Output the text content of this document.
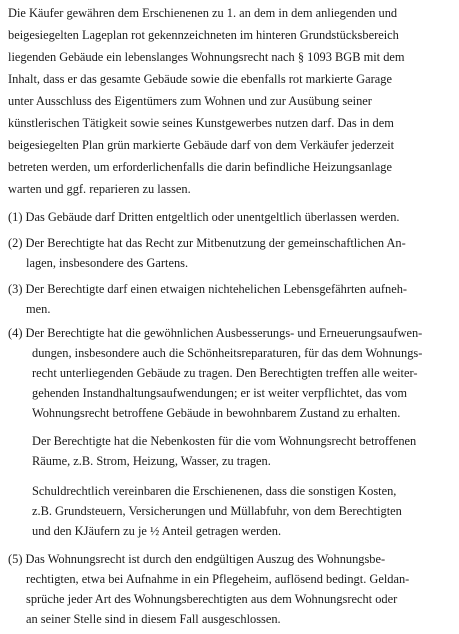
Die Käufer gewähren dem Erschienenen zu 1. an dem in dem anliegenden und
beigesiegelten Lageplan rot gekennzeichneten im hinteren Grundstücksbereich
liegenden Gebäude ein lebenslanges Wohnungsrecht nach § 1093 BGB mit dem
Inhalt, dass er das gesamte Gebäude sowie die ebenfalls rot markierte Garage
unter Ausschluss des Eigentümers zum Wohnen und zur Ausübung seiner
künstlerischen Tätigkeit sowie seines Kunstgewerbes nutzen darf. Das in dem
beigesiegelten Plan grün markierte Gebäude darf von dem Verkäufer jederzeit
betreten werden, um erforderlichenfalls die darin befindliche Heizungsanlage
warten und ggf. reparieren zu lassen.
(1) Das Gebäude darf Dritten entgeltlich oder unentgeltlich überlassen werden.
(2) Der Berechtigte hat das Recht zur Mitbenutzung der gemeinschaftlichen An-
lagen, insbesondere des Gartens.
(3) Der Berechtigte darf einen etwaigen nichtehelichen Lebensgefährten aufneh-
men.
(4) Der Berechtigte hat die gewöhnlichen Ausbesserungs- und Erneuerungsaufwen-
dungen, insbesondere auch die Schönheitsreparaturen, für das dem Wohnungs-
recht unterliegenden Gebäude zu tragen. Den Berechtigten treffen alle weiter-
gehenden Instandhaltungsaufwendungen; er ist weiter verpflichtet, das vom
Wohnungsrecht betroffene Gebäude in bewohnbarem Zustand zu erhalten.
Der Berechtigte hat die Nebenkosten für die vom Wohnungsrecht betroffenen
Räume, z.B. Strom, Heizung, Wasser, zu tragen.
Schuldrechtlich vereinbaren die Erschienenen, dass die sonstigen Kosten,
z.B. Grundsteuern, Versicherungen und Müllabfuhr, von dem Berechtigten
und den KJäufern zu je ½ Anteil getragen werden.
(5) Das Wohnungsrecht ist durch den endgültigen Auszug des Wohnungsbe-
rechtigten, etwa bei Aufnahme in ein Pflegeheim, auflösend bedingt. Geldan-
sprüche jeder Art des Wohnungsberechtigten aus dem Wohnungsrecht oder
an seiner Stelle sind in diesem Fall ausgeschlossen.
